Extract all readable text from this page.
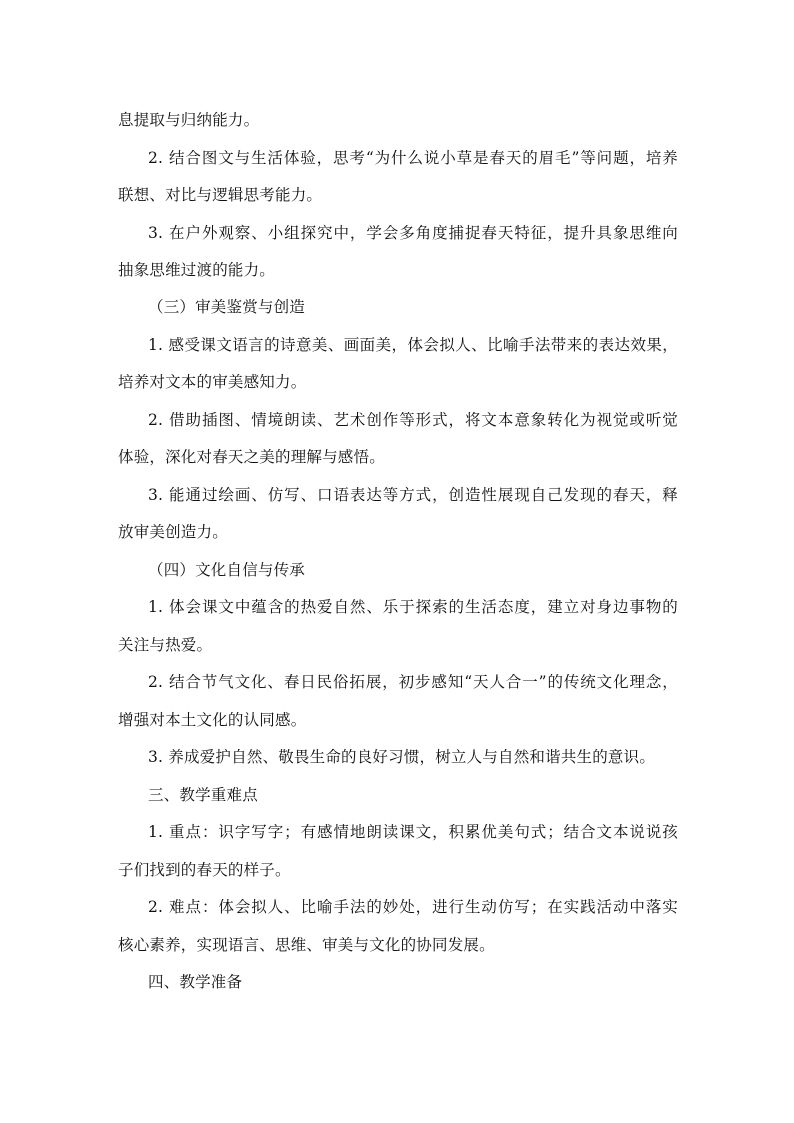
息提取与归纳能力。
2. 结合图文与生活体验，思考“为什么说小草是春天的眉毛”等问题，培养
联想、对比与逻辑思考能力。
3. 在户外观察、小组探究中，学会多角度捕捉春天特征，提升具象思维向
抽象思维过渡的能力。
（三）审美鉴赏与创造
1. 感受课文语言的诗意美、画面美，体会拟人、比喻手法带来的表达效果，
培养对文本的审美感知力。
2. 借助插图、情境朗读、艺术创作等形式，将文本意象转化为视觉或听觉
体验，深化对春天之美的理解与感悟。
3. 能通过绘画、仿写、口语表达等方式，创造性展现自己发现的春天，释
放审美创造力。
（四）文化自信与传承
1. 体会课文中蕴含的热爱自然、乐于探索的生活态度，建立对身边事物的
关注与热爱。
2. 结合节气文化、春日民俗拓展，初步感知“天人合一”的传统文化理念，
增强对本土文化的认同感。
3. 养成爱护自然、敬畏生命的良好习惯，树立人与自然和谐共生的意识。
三、教学重难点
1. 重点：识字写字；有感情地朗读课文，积累优美句式；结合文本说说孩
子们找到的春天的样子。
2. 难点：体会拟人、比喻手法的妙处，进行生动仿写；在实践活动中落实
核心素养，实现语言、思维、审美与文化的协同发展。
四、教学准备
